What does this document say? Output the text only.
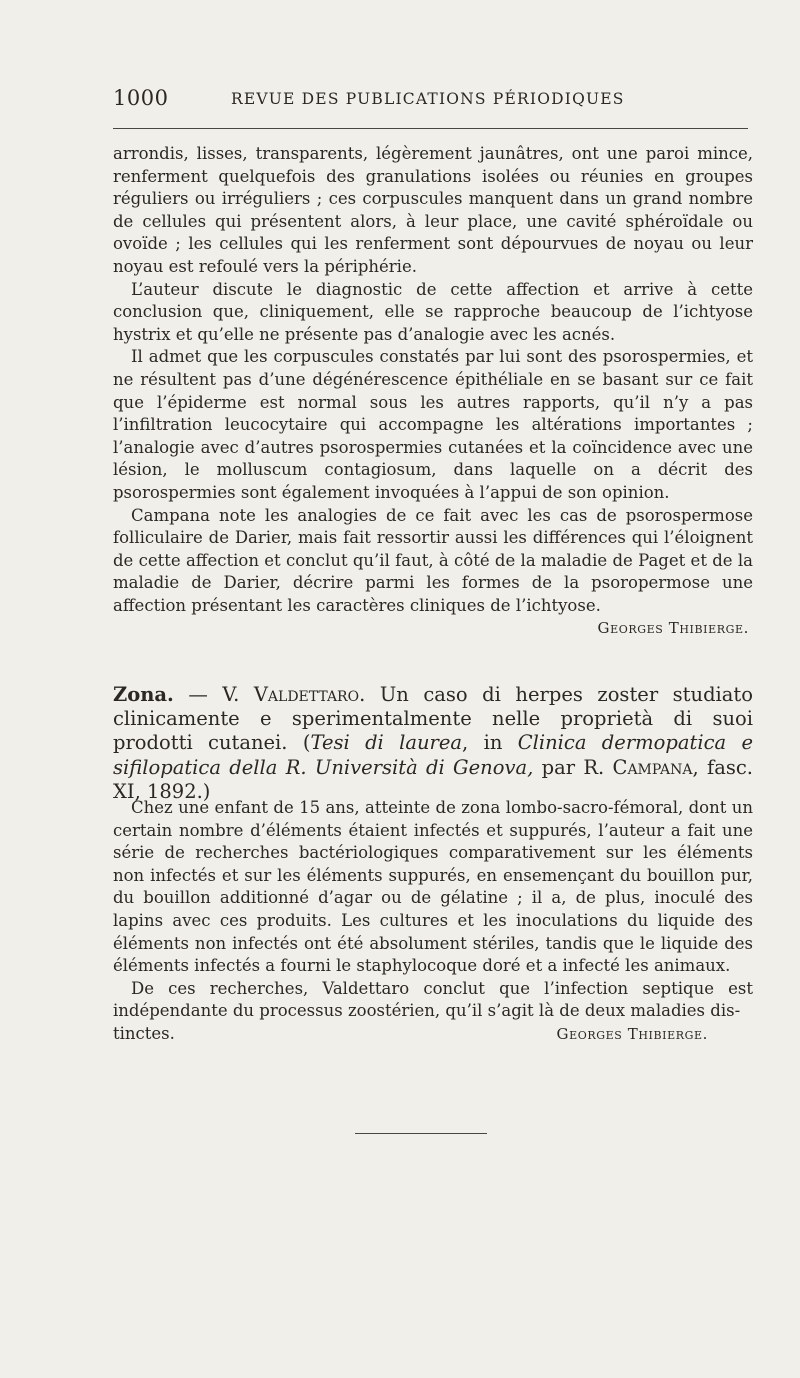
1000	REVUE DES PUBLICATIONS PÉRIODIQUES

arrondis, lisses, transparents, légèrement jaunâtres, ont une paroi mince, renferment quelquefois des granulations isolées ou réunies en groupes réguliers ou irréguliers ; ces corpuscules manquent dans un grand nombre de cellules qui présentent alors, à leur place, une cavité sphéroïdale ou ovoïde ; les cellules qui les renferment sont dépourvues de noyau ou leur noyau est refoulé vers la périphérie.

L’auteur discute le diagnostic de cette affection et arrive à cette conclusion que, cliniquement, elle se rapproche beaucoup de l’ichtyose hystrix et qu’elle ne présente pas d’analogie avec les acnés.

Il admet que les corpuscules constatés par lui sont des psorospermies, et ne résultent pas d’une dégénérescence épithéliale en se basant sur ce fait que l’épiderme est normal sous les autres rapports, qu’il n’y a pas l’infiltration leucocytaire qui accompagne les altérations importantes ; l’analogie avec d’autres psorospermies cutanées et la coïncidence avec une lésion, le molluscum contagiosum, dans laquelle on a décrit des psorospermies sont également invoquées à l’appui de son opinion.

Campana note les analogies de ce fait avec les cas de psorospermose folliculaire de Darier, mais fait ressortir aussi les différences qui l’éloignent de cette affection et conclut qu’il faut, à côté de la maladie de Paget et de la maladie de Darier, décrire parmi les formes de la psoropermose une affection présentant les caractères cliniques de l’ichtyose.

Georges Thibierge.

Zona. — V. Valdettaro. Un caso di herpes zoster studiato clinicamente e sperimentalmente nelle proprietà di suoi prodotti cutanei. (Tesi di laurea, in Clinica dermopatica e sifilopatica della R. Università di Genova, par R. Campana, fasc. XI, 1892.)

Chez une enfant de 15 ans, atteinte de zona lombo-sacro-fémoral, dont un certain nombre d’éléments étaient infectés et suppurés, l’auteur a fait une série de recherches bactériologiques comparativement sur les éléments non infectés et sur les éléments suppurés, en ensemençant du bouillon pur, du bouillon additionné d’agar ou de gélatine ; il a, de plus, inoculé des lapins avec ces produits. Les cultures et les inoculations du liquide des éléments non infectés ont été absolument stériles, tandis que le liquide des éléments infectés a fourni le staphylocoque doré et a infecté les animaux.

De ces recherches, Valdettaro conclut que l’infection septique est indépendante du processus zoostérien, qu’il s’agit là de deux maladies dis-

tinctes.	Georges Thibierge.
